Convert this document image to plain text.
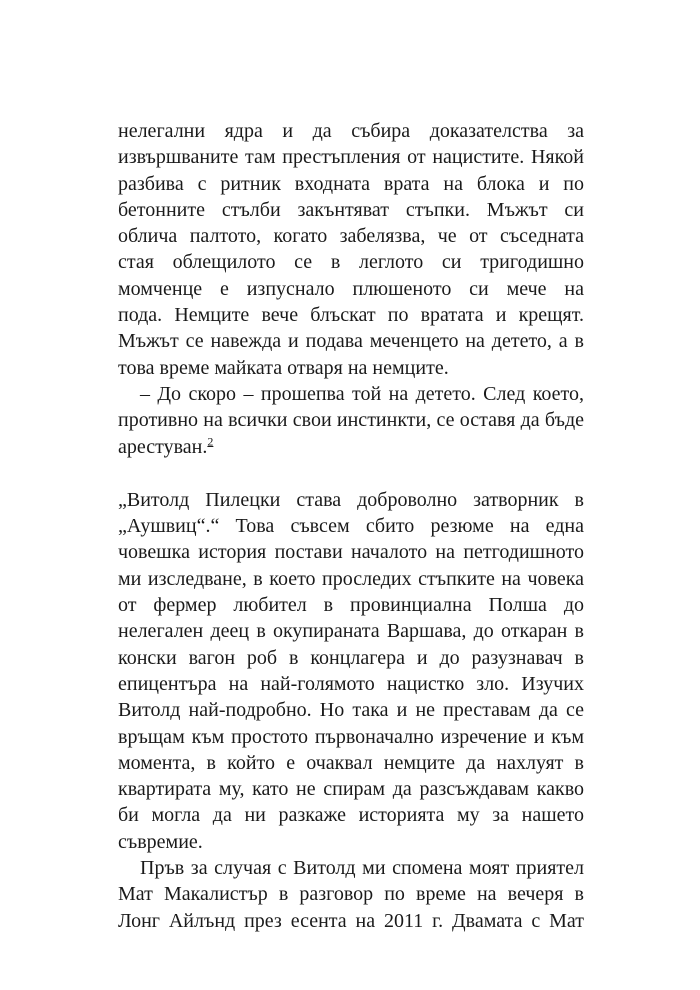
нелегални ядра и да събира доказателства за
извършваните там престъпления от нацистите. Някой
разбива с ритник входната врата на блока и по
бетонните стълби закънтяват стъпки. Мъжът си
облича палтото, когато забелязва, че от съседната
стая облещилото се в леглото си тригодишно
момченце е изпуснало плюшеното си мече на
пода. Немците вече блъскат по вратата и крещят.
Мъжът се навежда и подава меченцето на детето, а в
това време майката отваря на немците.
– До скоро – прошепва той на детето. След което,
противно на всички свои инстинкти, се оставя да бъде
арестуван.$^2$
„Витолд Пилецки става доброволно затворник в
„Аушвиц“.“ Това съвсем сбито резюме на една
човешка история постави началото на петгодишното
ми изследване, в което проследих стъпките на човека
от фермер любител в провинциална Полша до
нелегален деец в окупираната Варшава, до откаран в
конски вагон роб в концлагера и до разузнавач в
епицентъра на най-голямото нацистко зло. Изучих
Витолд най-подробно. Но така и не преставам да се
връщам към простото първоначално изречение и към
момента, в който е очаквал немците да нахлуят в
квартирата му, като не спирам да разсъждавам какво
би могла да ни разкаже историята му за нашето
съвремие.
Пръв за случая с Витолд ми спомена моят приятел
Мат Макалистър в разговор по време на вечеря в
Лонг Айлънд през есента на 2011 г. Двамата с Мат
